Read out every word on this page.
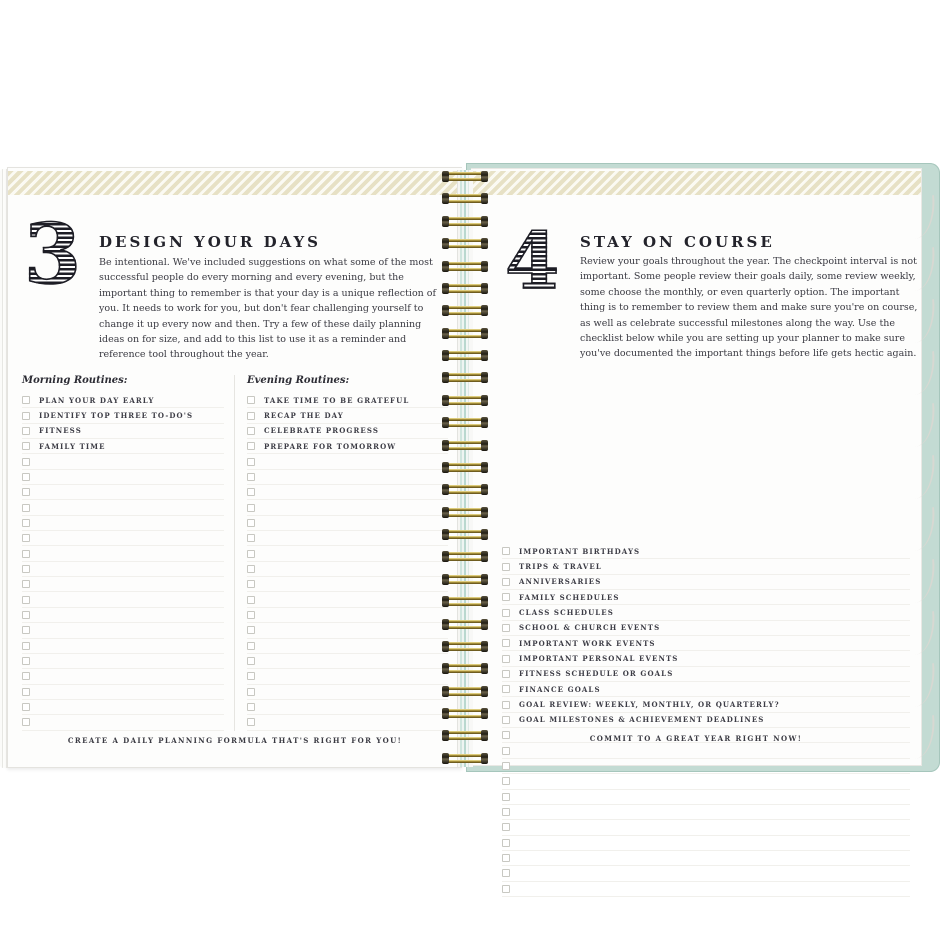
3 DESIGN YOUR DAYS
Be intentional. We've included suggestions on what some of the most successful people do every morning and every evening, but the important thing to remember is that your day is a unique reflection of you. It needs to work for you, but don't fear challenging yourself to change it up every now and then. Try a few of these daily planning ideas on for size, and add to this list to use it as a reminder and reference tool throughout the year.
Morning Routines:
PLAN YOUR DAY EARLY
IDENTIFY TOP THREE TO-DO'S
FITNESS
FAMILY TIME
Evening Routines:
TAKE TIME TO BE GRATEFUL
RECAP THE DAY
CELEBRATE PROGRESS
PREPARE FOR TOMORROW
CREATE A DAILY PLANNING FORMULA THAT'S RIGHT FOR YOU!
4 STAY ON COURSE
Review your goals throughout the year. The checkpoint interval is not important. Some people review their goals daily, some review weekly, some choose the monthly, or even quarterly option. The important thing is to remember to review them and make sure you're on course, as well as celebrate successful milestones along the way. Use the checklist below while you are setting up your planner to make sure you've documented the important things before life gets hectic again.
IMPORTANT BIRTHDAYS
TRIPS & TRAVEL
ANNIVERSARIES
FAMILY SCHEDULES
CLASS SCHEDULES
SCHOOL & CHURCH EVENTS
IMPORTANT WORK EVENTS
IMPORTANT PERSONAL EVENTS
FITNESS SCHEDULE OR GOALS
FINANCE GOALS
GOAL REVIEW: WEEKLY, MONTHLY, OR QUARTERLY?
GOAL MILESTONES & ACHIEVEMENT DEADLINES
COMMIT TO A GREAT YEAR RIGHT NOW!
